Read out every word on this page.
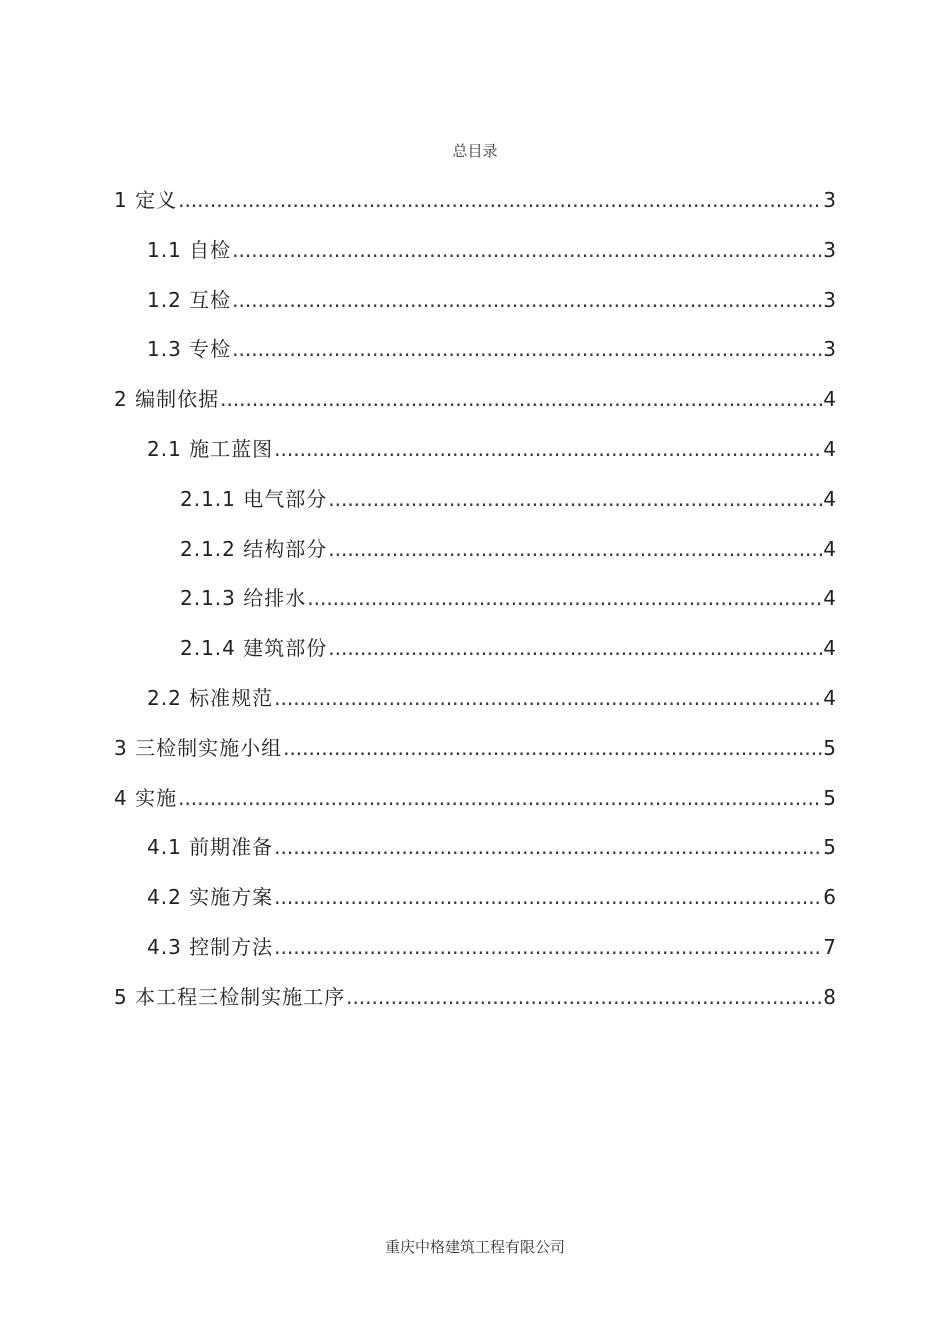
总目录
1 定义 .....	3
1.1 自检 .....	3
1.2 互检 .....	3
1.3 专检 .....	3
2 编制依据 .....	4
2.1 施工蓝图 .....	4
2.1.1 电气部分 .....	4
2.1.2 结构部分 .....	4
2.1.3 给排水 .....	4
2.1.4 建筑部份 .....	4
2.2 标准规范 .....	4
3 三检制实施小组 .....	5
4 实施 .....	5
4.1 前期准备 .....	5
4.2 实施方案 .....	6
4.3 控制方法 .....	7
5 本工程三检制实施工序 .....	8
重庆中格建筑工程有限公司
